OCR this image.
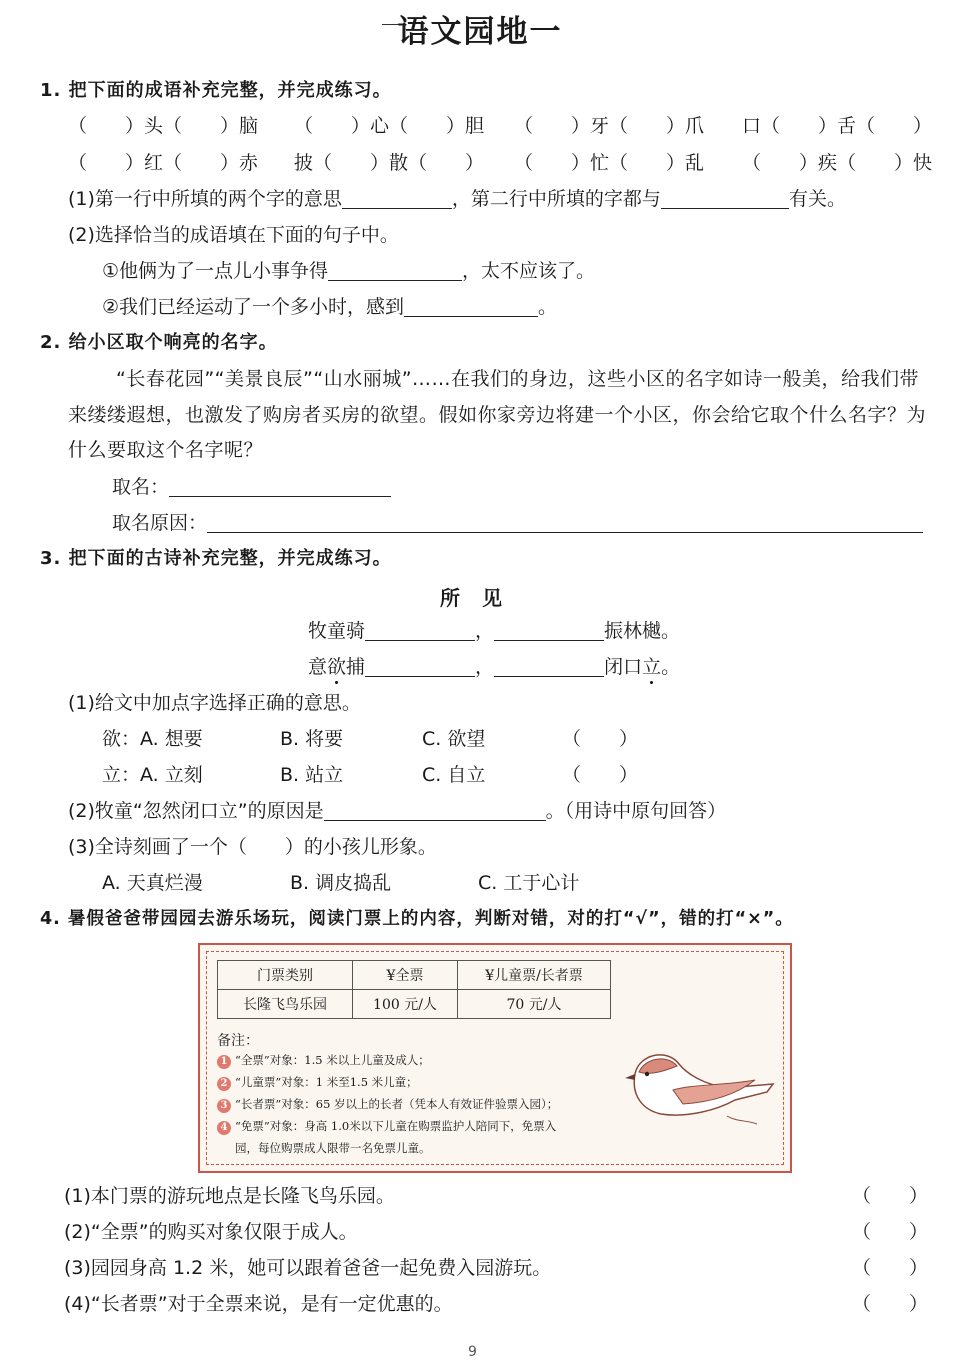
语文园地一
1. 把下面的成语补充完整，并完成练习。
（　　）头（　　）脑 （　　）心（　　）胆 （　　）牙（　　）爪 口（　　）舌（　　）
（　　）红（　　）赤 披（　　）散（　　） （　　）忙（　　）乱 （　　）疾（　　）快
(1)第一行中所填的两个字的意思	，第二行中所填的字都与	有关。
(2)选择恰当的成语填在下面的句子中。
①他俩为了一点儿小事争得	，太不应该了。
②我们已经运动了一个多小时，感到	。
2. 给小区取个响亮的名字。
“长春花园”“美景良辰”“山水丽城”……在我们的身边，这些小区的名字如诗一般美，给我们带来缕缕遐想，也激发了购房者买房的欲望。假如你家旁边将建一个小区，你会给它取个什么名字？为什么要取这个名字呢？
取名：
取名原因：
3. 把下面的古诗补充完整，并完成练习。
所见
牧童骑	，	振林樾。
意欲捕	，	闭口立。
(1)给文中加点字选择正确的意思。
欲：A. 想要	B. 将要	C. 欲望	（　　）
立：A. 立刻	B. 站立	C. 自立	（　　）
(2)牧童“忽然闭口立”的原因是	。（用诗中原句回答）
(3)全诗刻画了一个（　　）的小孩儿形象。
A. 天真烂漫	B. 调皮捣乱	C. 工于心计
4. 暑假爸爸带园园去游乐场玩，阅读门票上的内容，判断对错，对的打“√”，错的打“×”。
门票类别	¥全票	¥儿童票/长者票
长隆飞鸟乐园	100 元/人	70 元/人
备注：
1 “全票”对象：1.5 米以上儿童及成人；
2 “儿童票”对象：1 米至1.5 米儿童；
3 “长者票”对象：65 岁以上的长者（凭本人有效证件验票入园）；
4 “免票”对象：身高 1.0米以下儿童在购票监护人陪同下，免票入
园，每位购票成人限带一名免票儿童。
(1)本门票的游玩地点是长隆飞鸟乐园。	（　　）
(2)“全票”的购买对象仅限于成人。	（　　）
(3)园园身高 1.2 米，她可以跟着爸爸一起免费入园游玩。	（　　）
(4)“长者票”对于全票来说，是有一定优惠的。	（　　）
9
